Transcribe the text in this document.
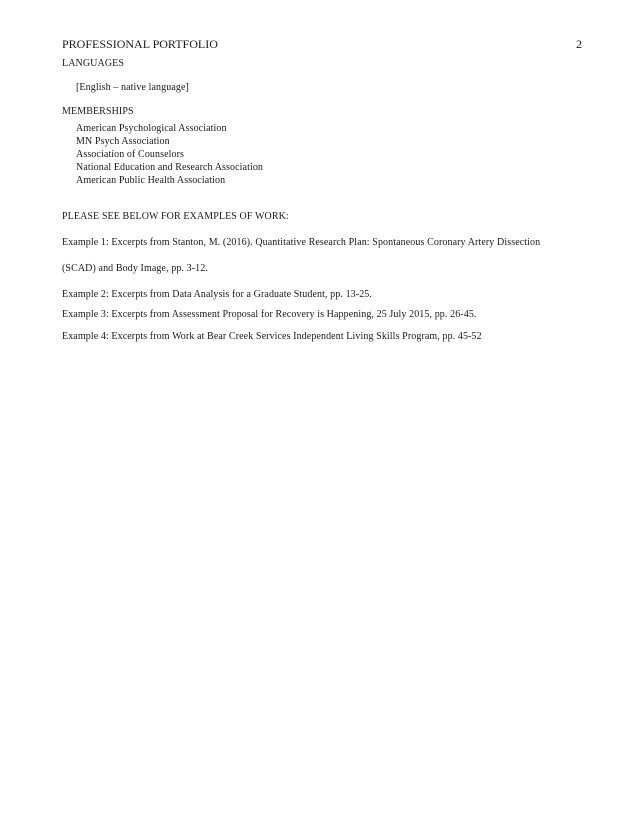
PROFESSIONAL PORTFOLIO	2
LANGUAGES
[English – native language]
MEMBERSHIPS
American Psychological Association
MN Psych Association
Association of Counselors
National Education and Research Association
American Public Health Association
PLEASE SEE BELOW FOR EXAMPLES OF WORK:
Example 1: Excerpts from Stanton, M. (2016). Quantitative Research Plan: Spontaneous Coronary Artery Dissection
(SCAD) and Body Image, pp. 3-12.
Example 2: Excerpts from Data Analysis for a Graduate Student, pp. 13-25.
Example 3: Excerpts from Assessment Proposal for Recovery is Happening, 25 July 2015, pp. 26-45.
Example 4: Excerpts from Work at Bear Creek Services Independent Living Skills Program, pp. 45-52
